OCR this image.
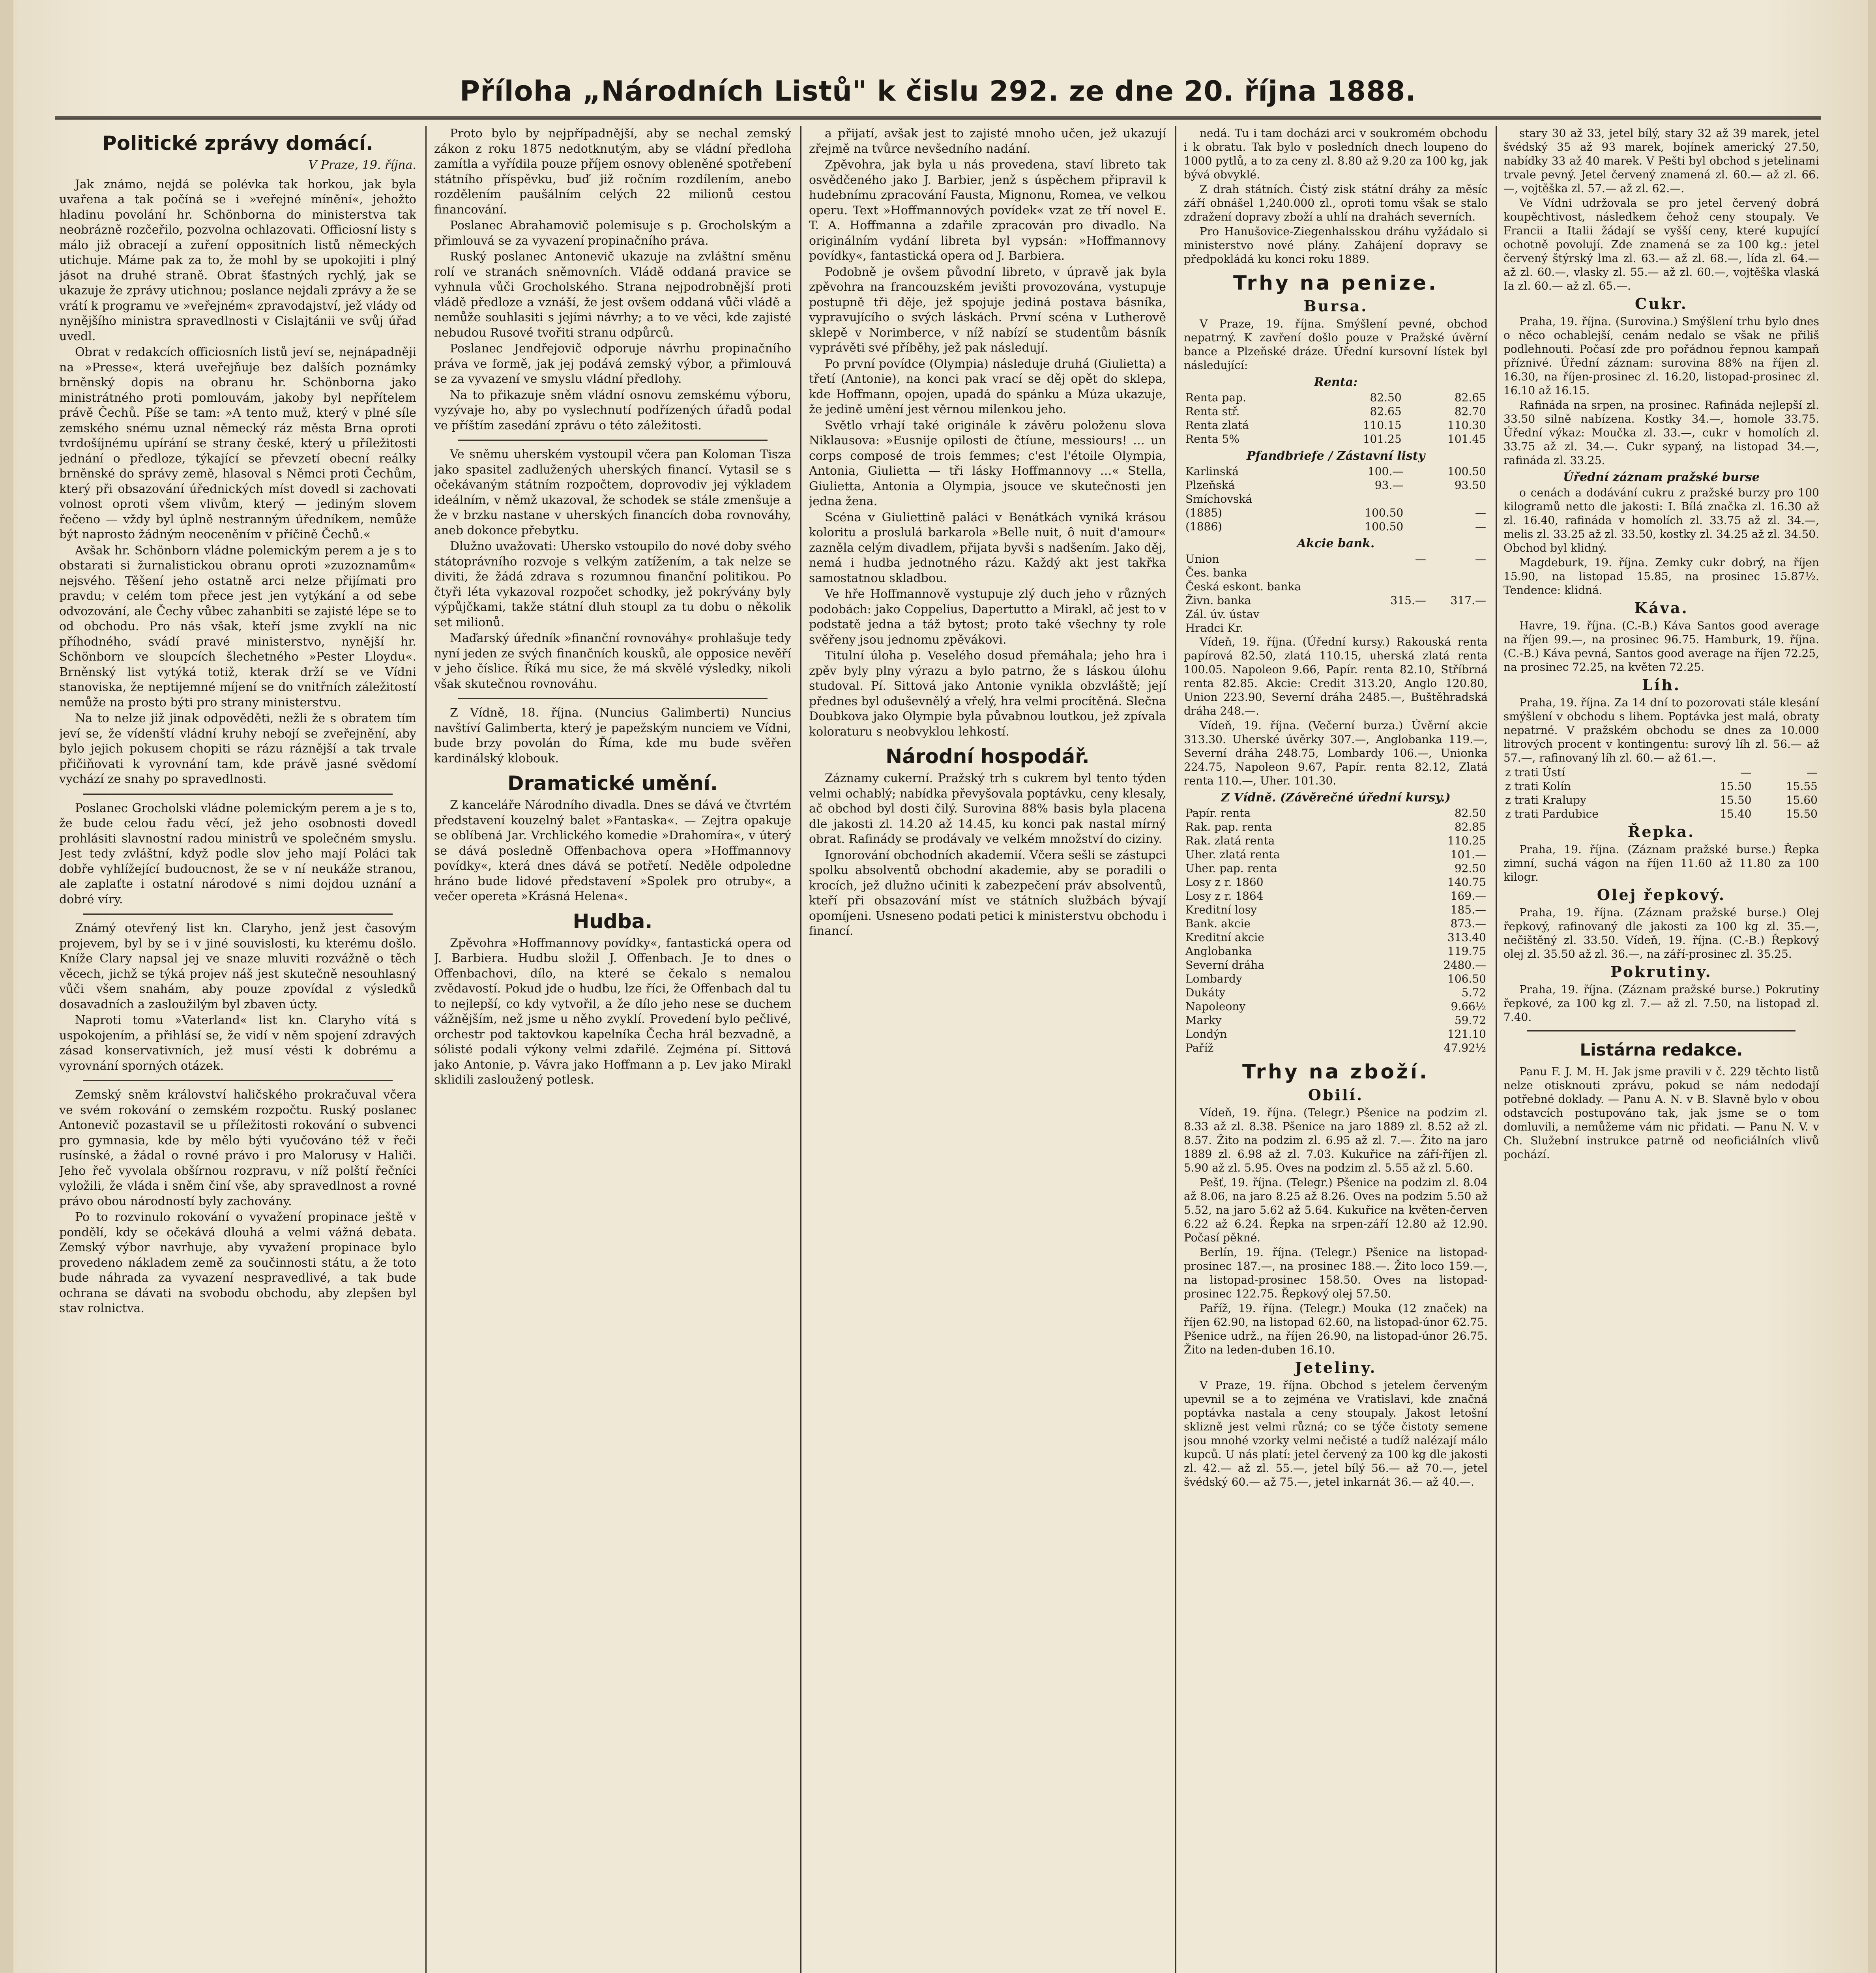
Příloha „Národních Listů" k čislu 292. ze dne 20. října 1888.
Politické zprávy domácí.
V Praze, 19. října.

Jak známo, nejdá se polévka tak horkou, jak byla uvařena a tak počíná se i »veřejné mínění«, jehožto hladinu povolání hr. Schönborna do ministerstva tak neobrázně rozčeřilo, pozvolna ochlazovati. Officiosní listy s málo již obracejí a zuření oppositních listů německých utichuje. Máme pak za to, že mohl by se upokojiti i plný jásot na druhé straně. Obrat šťastných rychlý, jak se ukazuje že zprávy utichnou; poslance nejdali zprávy a že se vrátí k programu ve »veřejném« zpravodajství, jež vlády od nynějšího ministra spravedlnosti v Cislajtánii ve svůj úřad uvedl.

Obrat v redakcích officiosních listů jeví se, nejnápadněji na »Presse«, která uveřejňuje bez dalších poznámky brněnský dopis na obranu hr. Schönborna jako ministrátného proti pomlouvám, jakoby byl nepřítelem právě Čechů. Píše se tam: »A tento muž, který v plné síle zemského snému uznal německý ráz města Brna oproti tvrdošíjnému upírání se strany české, který u příležitosti jednání o předloze, týkající se převzetí obecní reálky brněnské do správy země, hlasoval s Němci proti Čechům, který při obsazování úřednických míst dovedl si zachovati volnost oproti všem vlivům, který — jediným slovem řečeno — vždy byl úplně nestranným úředníkem, nemůže být naprosto žádným neoceněním v příčině Čechů.«

Avšak hr. Schönborn vládne polemickým perem a je s to obstarati si žurnalistickou obranu oproti »zuzoznamům« nejsvého. Těšení jeho ostatně arci nelze přijímati pro pravdu; v celém tom přece jest jen vytýkání a od sebe odvozování, ale Čechy vůbec zahanbiti se zajisté lépe se to od obchodu. Pro nás však, kteří jsme zvyklí na nic příhodného, svádí pravé ministerstvo, nynější hr. Schönborn ve sloupcích šlechetného »Pester Lloydu«. Brněnský list vytýká totiž, kterak drží se ve Vídni stanoviska, že neptijemné míjení se do vnitřních záležitostí nemůže na prosto býti pro strany ministerstvu.

Na to nelze již jinak odpověděti, nežli že s obratem tím jeví se, že vídenští vládní kruhy nebojí se zveřejnění, aby bylo jejich pokusem chopiti se rázu ráznější a tak trvale přičiňovati k vyrovnání tam, kde právě jasné svědomí vychází ze snahy po spravedlnosti.

Poslanec Grocholski vládne polemickým perem a je s to, že bude celou řadu věcí, jež jeho osobnosti dovedl prohlásiti slavnostní radou ministrů ve společném smyslu. Jest tedy zvláštní, když podle slov jeho mají Poláci tak dobře vyhlížející budoucnost, že se v ní neukáže stranou, ale zaplaťte i ostatní národové s nimi dojdou uznání a dobré víry.

Známý otevřený list kn. Claryho, jenž jest časovým projevem, byl by se i v jiné souvislosti, ku kterému došlo. Kníže Clary napsal jej ve snaze mluviti rozvážně o těch věcech, jichž se týká projev náš jest skutečně nesouhlasný vůči všem snahám, aby pouze zpovídal z výsledků dosavadních a zasloužilým byl zbaven úcty.

Naproti tomu »Vaterland« list kn. Claryho vítá s uspokojením, a přihlásí se, že vidí v něm spojení zdravých zásad konservativních, jež musí vésti k dobrému a vyrovnání sporných otázek.

Zemský sněm království haličského prokračuval včera ve svém rokování o zemském rozpočtu. Ruský poslanec Antonevič pozastavil se u příležitosti rokování o subvenci pro gymnasia, kde by mělo býti vyučováno též v řeči rusínské, a žádal o rovné právo i pro Malorusy v Haliči. Jeho řeč vyvolala obšírnou rozpravu, v níž polští řečníci vyložili, že vláda i sněm činí vše, aby spravedlnost a rovné právo obou národností byly zachovány.

Po to rozvinulo rokování o vyvažení propinace ještě v pondělí, kdy se očekává dlouhá a velmi vážná debata. Zemský výbor navrhuje, aby vyvažení propinace bylo provedeno nákladem země za součinnosti státu, a že toto bude náhrada za vyvazení nespravedlivé, a tak bude ochrana se dávati na svobodu obchodu, aby zlepšen byl stav rolnictva.

Proto bylo by nejpřípadnější, aby se nechal zemský zákon z roku 1875 nedotknutým, aby se vládní předloha zamítla a vyřídila pouze příjem osnovy obleněné spotřebení státního příspěvku, buď již ročním rozdílením, anebo rozdělením paušálním celých 22 milionů cestou financování.

Poslanec Abrahamovič polemisuje s p. Grocholským a přimlouvá se za vyvazení propinačního práva.

Ruský poslanec Antonevič ukazuje na zvláštní směnu rolí ve stranách sněmovních. Vládě oddaná pravice se vyhnula vůči Grocholského. Strana nejpodrobnější proti vládě předloze a vznáší, že jest ovšem oddaná vůči vládě a nemůže souhlasiti s jejími návrhy; a to ve věci, kde zajisté nebudou Rusové tvořiti stranu odpůrců.

Poslanec Jendřejovič odporuje návrhu propinačního práva ve formě, jak jej podává zemský výbor, a přimlouvá se za vyvazení ve smyslu vládní předlohy.

Na to přikazuje sněm vládní osnovu zemskému výboru, vyzývaje ho, aby po vyslechnutí podřízených úřadů podal ve příštím zasedání zprávu o této záležitosti.

Ve sněmu uherském vystoupil včera pan Koloman Tisza jako spasitel zadlužených uherských financí. Vytasil se s očekávaným státním rozpočtem, doprovodiv jej výkladem ideálním, v němž ukazoval, že schodek se stále zmenšuje a že v brzku nastane v uherských financích doba rovnováhy, aneb dokonce přebytku.

Dlužno uvažovati: Uhersko vstoupilo do nové doby svého státoprávního rozvoje s velkým zatížením, a tak nelze se diviti, že žádá zdrava s rozumnou finanční politikou. Po čtyři léta vykazoval rozpočet schodky, jež pokrývány byly výpůjčkami, takže státní dluh stoupl za tu dobu o několik set milionů.

Maďarský úředník »finanční rovnováhy« prohlašuje tedy nyní jeden ze svých finančních kousků, ale opposice nevěří v jeho číslice. Říká mu sice, že má skvělé výsledky, nikoli však skutečnou rovnováhu.

Z Vídně, 18. října. (Nuncius Galimberti) Nuncius navštíví Galimberta, který je papežským nunciem ve Vídni, bude brzy povolán do Říma, kde mu bude svěřen kardinálský klobouk.

Dramatické umění.

Z kanceláře Národního divadla. Dnes se dává ve čtvrtém představení kouzelný balet »Fantaska«. — Zejtra opakuje se oblíbená Jar. Vrchlického komedie »Drahomíra«, v úterý se dává posledně Offenbachova opera »Hoffmannovy povídky«, která dnes dává se potřetí. Neděle odpoledne hráno bude lidové představení »Spolek pro otruby«, a večer opereta »Krásná Helena«.

Hudba.

Zpěvohra »Hoffmannovy povídky«, fantastická opera od J. Barbiera. Hudbu složil J. Offenbach. Je to dnes o Offenbachovi, dílo, na které se čekalo s nemalou zvědavostí. Pokud jde o hudbu, lze říci, že Offenbach dal tu to nejlepší, co kdy vytvořil, a že dílo jeho nese se duchem vážnějším, než jsme u něho zvyklí. Provedení bylo pečlivé, orchestr pod taktovkou kapelníka Čecha hrál bezvadně, a sólisté podali výkony velmi zdařilé. Zejména pí. Sittová jako Antonie, p. Vávra jako Hoffmann a p. Lev jako Mirakl sklidili zasloužený potlesk.

a přijatí, avšak jest to zajisté mnoho učen, jež ukazují zřejmě na tvůrce nevšedního nadání.

Zpěvohra, jak byla u nás provedena, staví libreto tak osvědčeného jako J. Barbier, jenž s úspěchem připravil k hudebnímu zpracování Fausta, Mignonu, Romea, ve velkou operu. Text »Hoffmannových povídek« vzat ze tří novel E. T. A. Hoffmanna a zdařile zpracován pro divadlo. Na originálním vydání libreta byl vypsán: »Hoffmannovy povídky«, fantastická opera od J. Barbiera.

Podobně je ovšem původní libreto, v úpravě jak byla zpěvohra na francouzském jevišti provozována, vystupuje postupně tři děje, jež spojuje jediná postava básníka, vypravujícího o svých láskách. První scéna v Lutherově sklepě v Norimberce, v níž nabízí se studentům básník vyprávěti své příběhy, jež pak následují.

Po první povídce (Olympia) následuje druhá (Giulietta) a třetí (Antonie), na konci pak vrací se děj opět do sklepa, kde Hoffmann, opojen, upadá do spánku a Múza ukazuje, že jedině umění jest věrnou milenkou jeho.

Světlo vrhají také originále k závěru položenu slova Niklausova: »Eusnije opilosti de čtíune, messiours! … un corps composé de trois femmes; c'est l'étoile Olympia, Antonia, Giulietta — tři lásky Hoffmannovy …« Stella, Giulietta, Antonia a Olympia, jsouce ve skutečnosti jen jedna žena.

Scéna v Giuliettině paláci v Benátkách vyniká krásou koloritu a proslulá barkarola »Belle nuit, ô nuit d'amour« zazněla celým divadlem, přijata byvši s nadšením. Jako děj, nemá i hudba jednotného rázu. Každý akt jest takřka samostatnou skladbou.

Ve hře Hoffmannově vystupuje zlý duch jeho v různých podobách: jako Coppelius, Dapertutto a Mirakl, ač jest to v podstatě jedna a táž bytost; proto také všechny ty role svěřeny jsou jednomu zpěvákovi.

Titulní úloha p. Veselého dosud přemáhala; jeho hra i zpěv byly plny výrazu a bylo patrno, že s láskou úlohu studoval. Pí. Sittová jako Antonie vynikla obzvláště; její přednes byl oduševnělý a vřelý, hra velmi procítěná. Slečna Doubkova jako Olympie byla půvabnou loutkou, jež zpívala koloraturu s neobvyklou lehkostí.

Národní hospodář.

Záznamy cukerní. Pražský trh s cukrem byl tento týden velmi ochablý; nabídka převyšovala poptávku, ceny klesaly, ač obchod byl dosti čilý. Surovina 88% basis byla placena dle jakosti zl. 14.20 až 14.45, ku konci pak nastal mírný obrat. Rafinády se prodávaly ve velkém množství do ciziny.

Ignorování obchodních akademií. Včera sešli se zástupci spolku absolventů obchodní akademie, aby se poradili o krocích, jež dlužno učiniti k zabezpečení práv absolventů, kteří při obsazování míst ve státních službách bývají opomíjeni. Usneseno podati petici k ministerstvu obchodu i financí.

nedá. Tu i tam docházi arci v soukromém obchodu i k obratu. Tak bylo v posledních dnech loupeno do 1000 pytlů, a to za ceny zl. 8.80 až 9.20 za 100 kg, jak bývá obvyklé.

Z drah státních. Čistý zisk státní dráhy za měsíc září obnášel 1,240.000 zl., oproti tomu však se stalo zdražení dopravy zboží a uhlí na drahách severních.

Pro Hanušovice-Ziegenhalsskou dráhu vyžádalo si ministerstvo nové plány. Zahájení dopravy se předpokládá ku konci roku 1889.

Trhy na penize.
Bursa.

V Praze, 19. října. Smýšlení pevné, obchod nepatrný. K zavření došlo pouze v Pražské úvěrní bance a Plzeňské dráze. Úřední kursovní lístek byl následující:

Renta:
Renta pap.	82.50	82.65
Renta stř.	82.65	82.70
Renta zlatá	110.15	110.30
Renta 5%	101.25	101.45
Pfandbriefe / Zástavní listy
Karlinská	100.—	100.50
Plzeňská	93.—	93.50
Smíchovská		
(1885)	100.50	—
(1886)	100.50	—
Akcie bank.
Union	—	—
Čes. banka		
Česká eskont. banka		
Živn. banka	315.—	317.—
Zál. úv. ústav		
Hradci Kr.		

Vídeň, 19. října. (Úřední kursy.) Rakouská renta papírová 82.50, zlatá 110.15, uherská zlatá renta 100.05. Napoleon 9.66, Papír. renta 82.10, Stříbrná renta 82.85. Akcie: Credit 313.20, Anglo 120.80, Union 223.90, Severní dráha 2485.—, Buštěhradská dráha 248.—.

Vídeň, 19. října. (Večerní burza.) Úvěrní akcie 313.30. Uherské úvěrky 307.—, Anglobanka 119.—, Severní dráha 248.75, Lombardy 106.—, Unionka 224.75, Napoleon 9.67, Papír. renta 82.12, Zlatá renta 110.—, Uher. 101.30.

Z Vídně. (Závěrečné úřední kursy.)
Papír. renta	82.50
Rak. pap. renta	82.85
Rak. zlatá renta	110.25
Uher. zlatá renta	101.—
Uher. pap. renta	92.50
Losy z r. 1860	140.75
Losy z r. 1864	169.—
Kreditní losy	185.—
Bank. akcie	873.—
Kreditní akcie	313.40
Anglobanka	119.75
Severní dráha	2480.—
Lombardy	106.50
Dukáty	5.72
Napoleony	9.66½
Marky	59.72
Londýn	121.10
Paříž	47.92½
Trhy na zboží.
Obilí.

Vídeň, 19. října. (Telegr.) Pšenice na podzim zl. 8.33 až zl. 8.38. Pšenice na jaro 1889 zl. 8.52 až zl. 8.57. Žito na podzim zl. 6.95 až zl. 7.—. Žito na jaro 1889 zl. 6.98 až zl. 7.03. Kukuřice na září-říjen zl. 5.90 až zl. 5.95. Oves na podzim zl. 5.55 až zl. 5.60.

Pešť, 19. října. (Telegr.) Pšenice na podzim zl. 8.04 až 8.06, na jaro 8.25 až 8.26. Oves na podzim 5.50 až 5.52, na jaro 5.62 až 5.64. Kukuřice na květen-červen 6.22 až 6.24. Řepka na srpen-září 12.80 až 12.90. Počasí pěkné.

Berlín, 19. října. (Telegr.) Pšenice na listopad-prosinec 187.—, na prosinec 188.—. Žito loco 159.—, na listopad-prosinec 158.50. Oves na listopad-prosinec 122.75. Řepkový olej 57.50.

Paříž, 19. října. (Telegr.) Mouka (12 značek) na říjen 62.90, na listopad 62.60, na listopad-únor 62.75. Pšenice udrž., na říjen 26.90, na listopad-únor 26.75. Žito na leden-duben 16.10.

Jeteliny.

V Praze, 19. října. Obchod s jetelem červeným upevnil se a to zejména ve Vratislavi, kde značná poptávka nastala a ceny stoupaly. Jakost letošní sklizně jest velmi různá; co se týče čistoty semene jsou mnohé vzorky velmi nečisté a tudíž nalézají málo kupců. U nás platí: jetel červený za 100 kg dle jakosti zl. 42.— až zl. 55.—, jetel bílý 56.— až 70.—, jetel švédský 60.— až 75.—, jetel inkarnát 36.— až 40.—.

stary 30 až 33, jetel bílý, stary 32 až 39 marek, jetel švédský 35 až 93 marek, bojínek americký 27.50, nabídky 33 až 40 marek. V Pešti byl obchod s jetelinami trvale pevný. Jetel červený znamená zl. 60.— až zl. 66.—, vojtěška zl. 57.— až zl. 62.—.

Ve Vídni udržovala se pro jetel červený dobrá koupěchtivost, následkem čehož ceny stoupaly. Ve Francii a Italii žádají se vyšší ceny, které kupující ochotně povolují. Zde znamená se za 100 kg.: jetel červený štýrský lma zl. 63.— až zl. 68.—, lída zl. 64.— až zl. 60.—, vlasky zl. 55.— až zl. 60.—, vojtěška vlaská Ia zl. 60.— až zl. 65.—.

Cukr.

Praha, 19. října. (Surovina.) Smýšlení trhu bylo dnes o něco ochablejší, cenám nedalo se však ne přiliš podlehnouti. Počasí zde pro pořádnou řepnou kampaň příznivé. Úřední záznam: surovina 88% na říjen zl. 16.30, na říjen-prosinec zl. 16.20, listopad-prosinec zl. 16.10 až 16.15.

Rafináda na srpen, na prosinec. Rafináda nejlepší zl. 33.50 silně nabízena. Kostky 34.—, homole 33.75. Úřední výkaz: Moučka zl. 33.—, cukr v homolích zl. 33.75 až zl. 34.—. Cukr sypaný, na listopad 34.—, rafináda zl. 33.25.

Úřední záznam pražské burse

o cenách a dodávání cukru z pražské burzy pro 100 kilogramů netto dle jakosti: I. Bílá značka zl. 16.30 až zl. 16.40, rafináda v homolích zl. 33.75 až zl. 34.—, melis zl. 33.25 až zl. 33.50, kostky zl. 34.25 až zl. 34.50. Obchod byl klidný.

Magdeburk, 19. října. Zemky cukr dobrý, na říjen 15.90, na listopad 15.85, na prosinec 15.87½. Tendence: klidná.

Káva.

Havre, 19. října. (C.-B.) Káva Santos good average na říjen 99.—, na prosinec 96.75. Hamburk, 19. října. (C.-B.) Káva pevná, Santos good average na říjen 72.25, na prosinec 72.25, na květen 72.25.

Líh.

Praha, 19. října. Za 14 dní to pozorovati stále klesání smýšlení v obchodu s lihem. Poptávka jest malá, obraty nepatrné. V pražském obchodu se dnes za 10.000 litrových procent v kontingentu: surový líh zl. 56.— až 57.—, rafinovaný líh zl. 60.— až 61.—.

z trati Ústí	—	—
z trati Kolín	15.50	15.55
z trati Kralupy	15.50	15.60
z trati Pardubice	15.40	15.50
Řepka.

Praha, 19. října. (Záznam pražské burse.) Řepka zimní, suchá vágon na říjen 11.60 až 11.80 za 100 kilogr.

Olej řepkový.

Praha, 19. října. (Záznam pražské burse.) Olej řepkový, rafinovaný dle jakosti za 100 kg zl. 35.—, nečištěný zl. 33.50. Vídeň, 19. října. (C.-B.) Řepkový olej zl. 35.50 až zl. 36.—, na září-prosinec zl. 35.25.

Pokrutiny.

Praha, 19. října. (Záznam pražské burse.) Pokrutiny řepkové, za 100 kg zl. 7.— až zl. 7.50, na listopad zl. 7.40.

Listárna redakce.

Panu F. J. M. H. Jak jsme pravili v č. 229 těchto listů nelze otisknouti zprávu, pokud se nám nedodají potřebné doklady. — Panu A. N. v B. Slavně bylo v obou odstavcích postupováno tak, jak jsme se o tom domluvili, a nemůžeme vám nic přidati. — Panu N. V. v Ch. Služební instrukce patrně od neoficiálních vlivů pochází.
